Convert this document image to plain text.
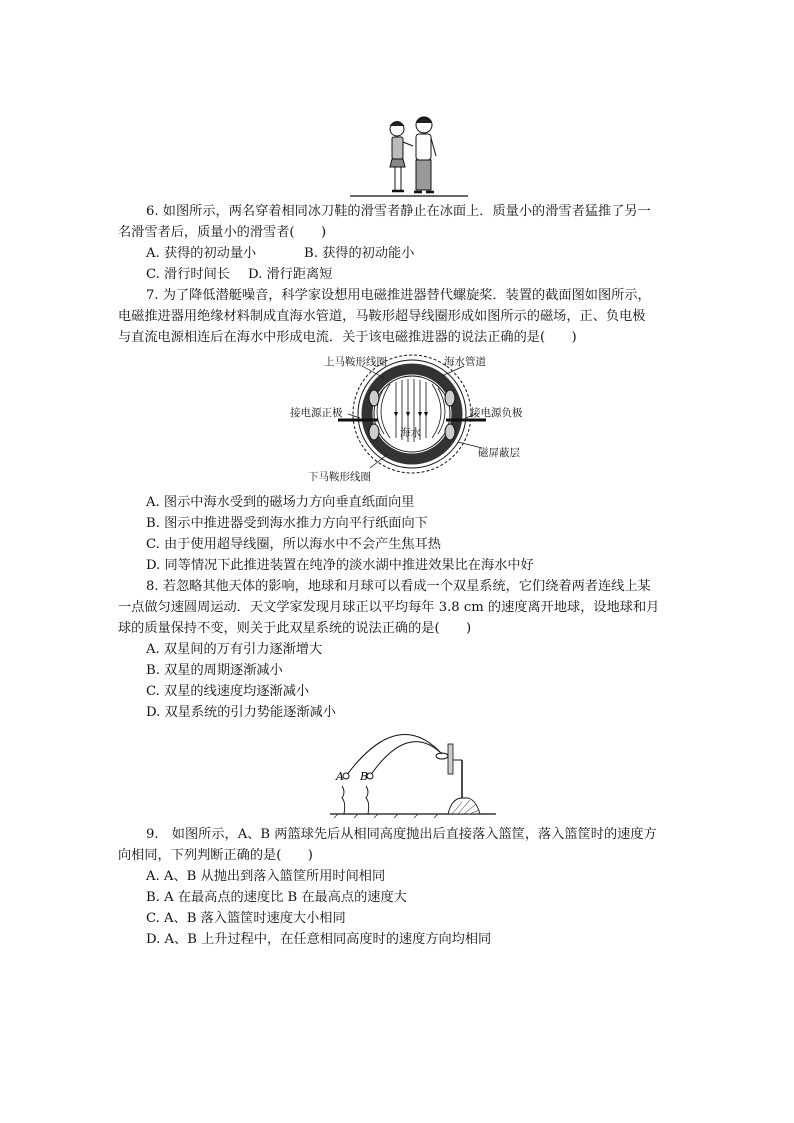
6. 如图所示，两名穿着相同冰刀鞋的滑雪者静止在冰面上．质量小的滑雪者猛推了另一
名滑雪者后，质量小的滑雪者(　　)
A. 获得的初动量小	B. 获得的初动能小
C. 滑行时间长 D. 滑行距离短
7. 为了降低潜艇噪音，科学家设想用电磁推进器替代螺旋桨．装置的截面图如图所示，
电磁推进器用绝缘材料制成直海水管道，马鞍形超导线圈形成如图所示的磁场，正、负电极
与直流电源相连后在海水中形成电流．关于该电磁推进器的说法正确的是(　　)
上马鞍形线圈	海水管道
接电源正极	接电源负极
海水
磁屏蔽层
下马鞍形线圈
A. 图示中海水受到的磁场力方向垂直纸面向里
B. 图示中推进器受到海水推力方向平行纸面向下
C. 由于使用超导线圈，所以海水中不会产生焦耳热
D. 同等情况下此推进装置在纯净的淡水湖中推进效果比在海水中好
8. 若忽略其他天体的影响，地球和月球可以看成一个双星系统，它们绕着两者连线上某
一点做匀速圆周运动．天文学家发现月球正以平均每年 3.8 cm 的速度离开地球，设地球和月
球的质量保持不变，则关于此双星系统的说法正确的是(　　)
A. 双星间的万有引力逐渐增大
B. 双星的周期逐渐减小
C. 双星的线速度均逐渐减小
D. 双星系统的引力势能逐渐减小
A B
9.　如图所示，A、B 两篮球先后从相同高度抛出后直接落入篮筐，落入篮筐时的速度方
向相同，下列判断正确的是(　　)
A. A、B 从抛出到落入篮筐所用时间相同
B. A 在最高点的速度比 B 在最高点的速度大
C. A、B 落入篮筐时速度大小相同
D. A、B 上升过程中，在任意相同高度时的速度方向均相同
